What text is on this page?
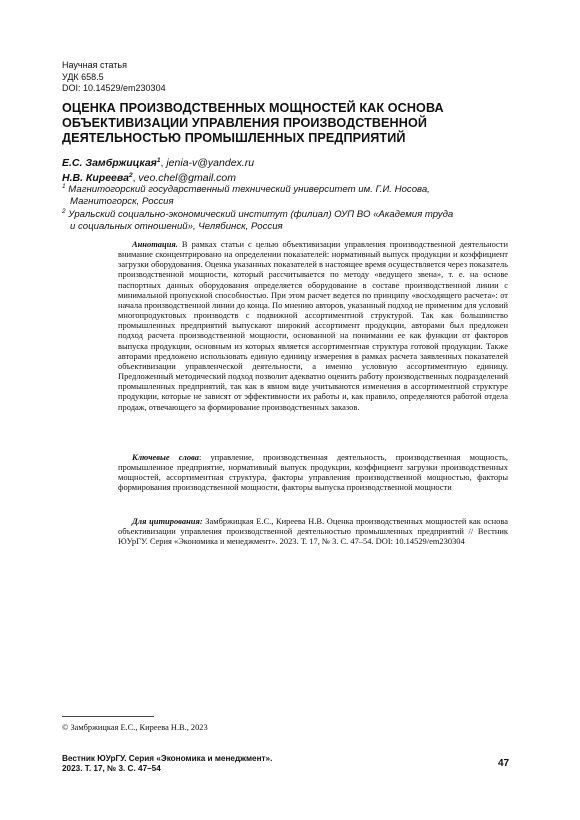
Научная статья
УДК 658.5
DOI: 10.14529/em230304
ОЦЕНКА ПРОИЗВОДСТВЕННЫХ МОЩНОСТЕЙ КАК ОСНОВА ОБЪЕКТИВИЗАЦИИ УПРАВЛЕНИЯ ПРОИЗВОДСТВЕННОЙ ДЕЯТЕЛЬНОСТЬЮ ПРОМЫШЛЕННЫХ ПРЕДПРИЯТИЙ
Е.С. Замбржицкая$^1$, jenia-v@yandex.ru
Н.В. Киреева$^2$, veo.chel@gmail.com
$^1$ Магнитогорский государственный технический университет им. Г.И. Носова,
Магнитогорск, Россия
$^2$ Уральский социально-экономический институт (филиал) ОУП ВО «Академия труда
и социальных отношений», Челябинск, Россия
Аннотация. В рамках статьи с целью объективизации управления производственной деятельности внимание сконцентрировано на определении показателей: нормативный выпуск продукции и коэффициент загрузки оборудования. Оценка указанных показателей в настоящее время осуществляется через показатель производственной мощности, который рассчитывается по методу «ведущего звена», т. е. на основе паспортных данных оборудования определяется оборудование в составе производственной линии с минимальной пропускной способностью. При этом расчет ведется по принципу «восходящего расчета»: от начала производственной линии до конца. По мнению авторов, указанный подход не применим для условий многопродуктовых производств с подвижной ассортиментной структурой. Так как большинство промышленных предприятий выпускают широкий ассортимент продукции, авторами был предложен подход расчета производственной мощности, основанной на понимании ее как функции от факторов выпуска продукции, основным из которых является ассортиментная структура готовой продукции. Также авторами предложено использовать единую единицу измерения в рамках расчета заявленных показателей объективизации управленческой деятельности, а именно условную ассортиментную единицу. Предложенный методический подход позволит адекватно оценить работу производственных подразделений промышленных предприятий, так как в явном виде учитываются изменения в ассортиментной структуре продукции, которые не зависят от эффективности их работы и, как правило, определяются работой отдела продаж, отвечающего за формирование производственных заказов.
Ключевые слова: управление, производственная деятельность, производственная мощность, промышленное предприятие, нормативный выпуск продукции, коэффициент загрузки производственных мощностей, ассортиментная структура, факторы управления производственной мощностью, факторы формирования производственной мощности, факторы выпуска производственной мощности
Для цитирования: Замбржицкая Е.С., Киреева Н.В. Оценка производственных мощностей как основа объективизации управления производственной деятельностью промышленных предприятий // Вестник ЮУрГУ. Серия «Экономика и менеджмент». 2023. Т. 17, № 3. С. 47–54. DOI: 10.14529/em230304
© Замбржицкая Е.С., Киреева Н.В., 2023
Вестник ЮУрГУ. Серия «Экономика и менеджмент».
2023. Т. 17, № 3. С. 47–54	47
